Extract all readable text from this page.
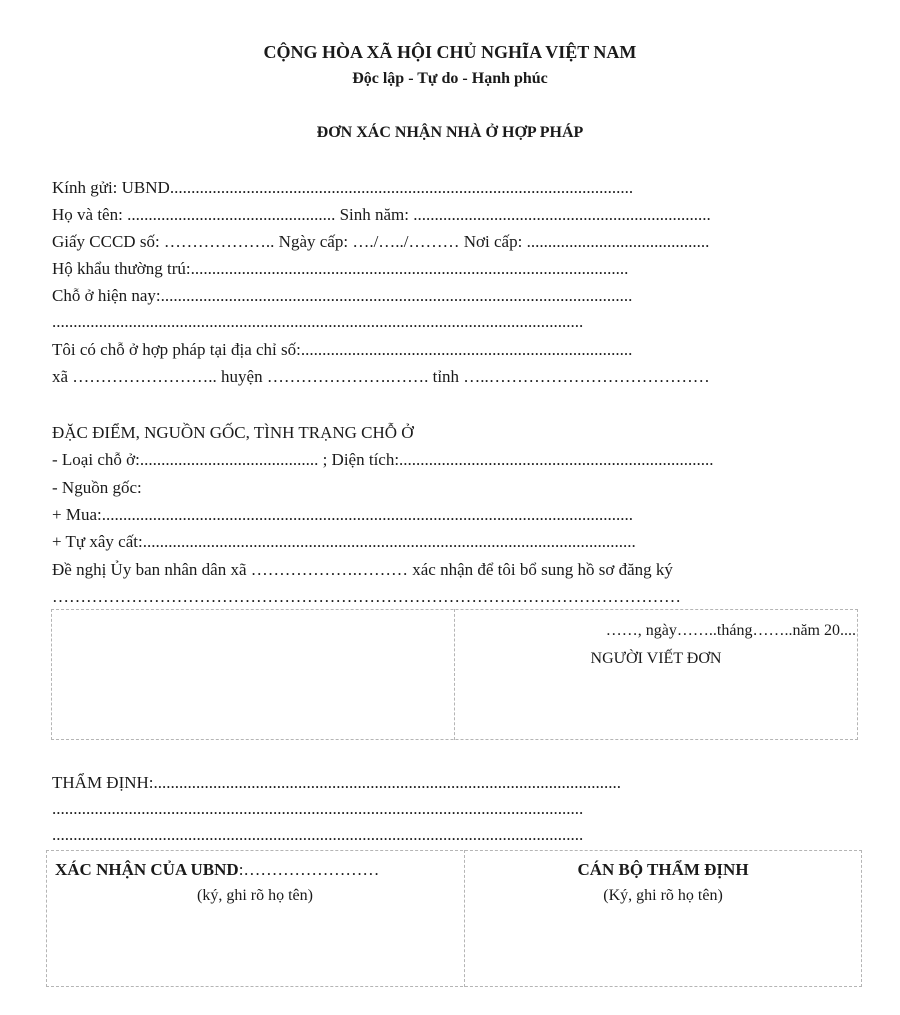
CỘNG HÒA XÃ HỘI CHỦ NGHĨA VIỆT NAM
Độc lập - Tự do - Hạnh phúc
ĐƠN XÁC NHẬN NHÀ Ở HỢP PHÁP
Kính gửi: UBND.............................................................................................................
Họ và tên: ................................................. Sinh năm: ......................................................................
Giấy CCCD số: ……………….. Ngày cấp: …./…../……… Nơi cấp: ...........................................
Hộ khẩu thường trú:.......................................................................................................
Chỗ ở hiện nay:...............................................................................................................
.............................................................................................................................
Tôi có chỗ ở hợp pháp tại địa chỉ số:..............................................................................
xã …………………….. huyện ………………….……. tỉnh …..…………………………………
ĐẶC ĐIỂM, NGUỒN GỐC, TÌNH TRẠNG CHỖ Ở
- Loại chỗ ở:.......................................... ; Diện tích:..........................................................................
- Nguồn gốc:
+ Mua:.............................................................................................................................
+ Tự xây cất:....................................................................................................................
Đề nghị Ủy ban nhân dân xã ……………….……… xác nhận để tôi bổ sung hồ sơ đăng ký
…………………………………………………………………………………………………
……, ngày……..tháng……..năm 20....
NGƯỜI VIẾT ĐƠN
THẨM ĐỊNH:..............................................................................................................
.............................................................................................................................
.............................................................................................................................
XÁC NHẬN CỦA UBND:……………………
(ký, ghi rõ họ tên)
CÁN BỘ THẨM ĐỊNH
(Ký, ghi rõ họ tên)
